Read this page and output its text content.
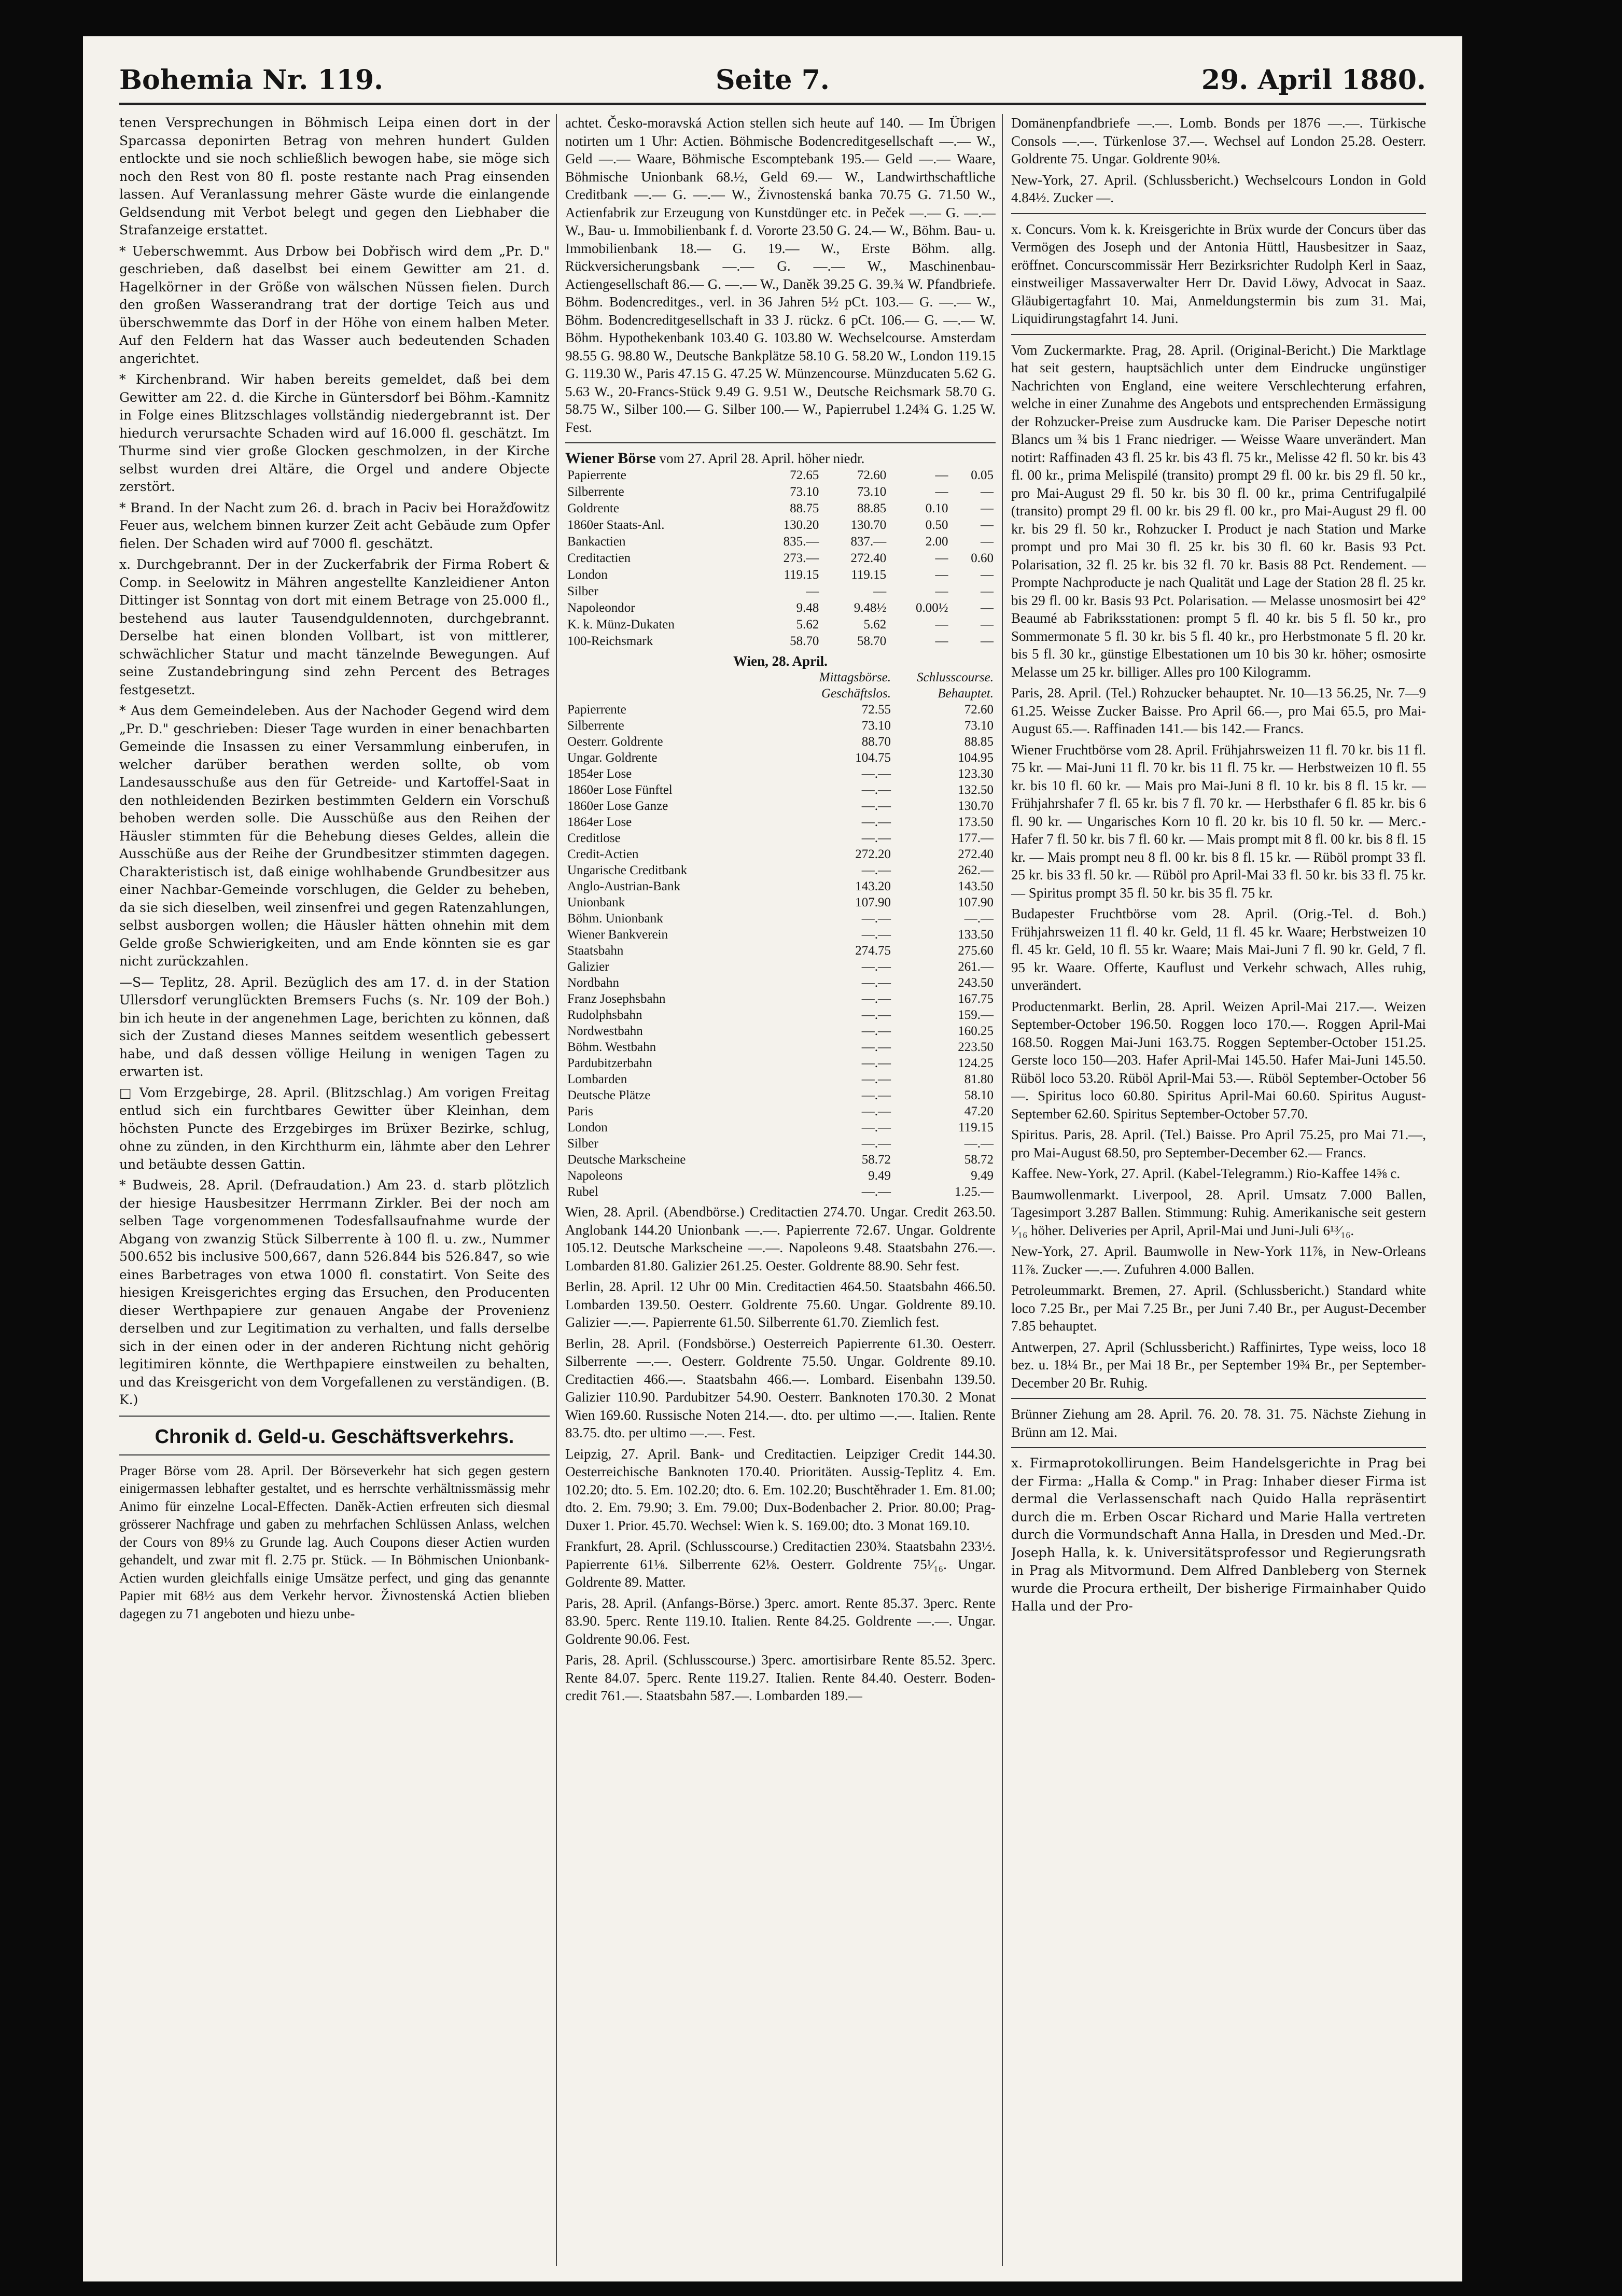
Bohemia Nr. 119.	Seite 7.	29. April 1880.

tenen Versprechungen in Böhmisch Leipa einen dort in der Sparcassa deponirten Betrag von mehren hundert Gulden entlockte und sie noch schließlich bewogen habe, sie möge sich noch den Rest von 80 fl. poste restante nach Prag einsenden lassen. Auf Veranlassung mehrer Gäste wurde die einlangende Geldsendung mit Verbot belegt und gegen den Liebhaber die Strafanzeige erstattet.

* Ueberschwemmt. Aus Drbow bei Dobřisch wird dem „Pr. D." geschrieben, daß daselbst bei einem Gewitter am 21. d. Hagelkörner in der Größe von wälschen Nüssen fielen. Durch den großen Wasserandrang trat der dortige Teich aus und überschwemmte das Dorf in der Höhe von einem halben Meter. Auf den Feldern hat das Wasser auch bedeutenden Schaden angerichtet.

* Kirchenbrand. Wir haben bereits gemeldet, daß bei dem Gewitter am 22. d. die Kirche in Güntersdorf bei Böhm.-Kamnitz in Folge eines Blitzschlages vollständig niedergebrannt ist. Der hiedurch verursachte Schaden wird auf 16.000 fl. geschätzt. Im Thurme sind vier große Glocken geschmolzen, in der Kirche selbst wurden drei Altäre, die Orgel und andere Objecte zerstört.

* Brand. In der Nacht zum 26. d. brach in Paciv bei Horažďowitz Feuer aus, welchem binnen kurzer Zeit acht Gebäude zum Opfer fielen. Der Schaden wird auf 7000 fl. geschätzt.

x. Durchgebrannt. Der in der Zuckerfabrik der Firma Robert & Comp. in Seelowitz in Mähren angestellte Kanzleidiener Anton Dittinger ist Sonntag von dort mit einem Betrage von 25.000 fl., bestehend aus lauter Tausendguldennoten, durchgebrannt. Derselbe hat einen blonden Vollbart, ist von mittlerer, schwächlicher Statur und macht tänzelnde Bewegungen. Auf seine Zustandebringung sind zehn Percent des Betrages festgesetzt.

* Aus dem Gemeindeleben. Aus der Nachoder Gegend wird dem „Pr. D." geschrieben: Dieser Tage wurden in einer benachbarten Gemeinde die Insassen zu einer Versammlung einberufen, in welcher darüber berathen werden sollte, ob vom Landesausschuße aus den für Getreide- und Kartoffel-Saat in den nothleidenden Bezirken bestimmten Geldern ein Vorschuß behoben werden solle. Die Ausschüße aus den Reihen der Häusler stimmten für die Behebung dieses Geldes, allein die Ausschüße aus der Reihe der Grundbesitzer stimmten dagegen. Charakteristisch ist, daß einige wohlhabende Grundbesitzer aus einer Nachbar-Gemeinde vorschlugen, die Gelder zu beheben, da sie sich dieselben, weil zinsenfrei und gegen Ratenzahlungen, selbst ausborgen wollen; die Häusler hätten ohnehin mit dem Gelde große Schwierigkeiten, und am Ende könnten sie es gar nicht zurückzahlen.

—S— Teplitz, 28. April. Bezüglich des am 17. d. in der Station Ullersdorf verunglückten Bremsers Fuchs (s. Nr. 109 der Boh.) bin ich heute in der angenehmen Lage, berichten zu können, daß sich der Zustand dieses Mannes seitdem wesentlich gebessert habe, und daß dessen völlige Heilung in wenigen Tagen zu erwarten ist.

□ Vom Erzgebirge, 28. April. (Blitzschlag.) Am vorigen Freitag entlud sich ein furchtbares Gewitter über Kleinhan, dem höchsten Puncte des Erzgebirges im Brüxer Bezirke, schlug, ohne zu zünden, in den Kirchthurm ein, lähmte aber den Lehrer und betäubte dessen Gattin.

* Budweis, 28. April. (Defraudation.) Am 23. d. starb plötzlich der hiesige Hausbesitzer Herrmann Zirkler. Bei der noch am selben Tage vorgenommenen Todesfallsaufnahme wurde der Abgang von zwanzig Stück Silberrente à 100 fl. u. zw., Nummer 500.652 bis inclusive 500,667, dann 526.844 bis 526.847, so wie eines Barbetrages von etwa 1000 fl. constatirt. Von Seite des hiesigen Kreisgerichtes erging das Ersuchen, den Producenten dieser Werthpapiere zur genauen Angabe der Provenienz derselben und zur Legitimation zu verhalten, und falls derselbe sich in der einen oder in der anderen Richtung nicht gehörig legitimiren könnte, die Werthpapiere einstweilen zu behalten, und das Kreisgericht von dem Vorgefallenen zu verständigen. (B. K.)

Chronik d. Geld-u. Geschäftsverkehrs.

Prager Börse vom 28. April. Der Börseverkehr hat sich gegen gestern einigermassen lebhafter gestaltet, und es herrschte verhältnissmässig mehr Animo für einzelne Local-Effecten. Daněk-Actien erfreuten sich diesmal grösserer Nachfrage und gaben zu mehrfachen Schlüssen Anlass, welchen der Cours von 89⅛ zu Grunde lag. Auch Coupons dieser Actien wurden gehandelt, und zwar mit fl. 2.75 pr. Stück. — In Böhmischen Unionbank-Actien wurden gleichfalls einige Umsätze perfect, und ging das genannte Papier mit 68½ aus dem Verkehr hervor. Živnostenská Actien blieben dagegen zu 71 angeboten und hiezu unbe-

achtet. Česko-moravská Action stellen sich heute auf 140. — Im Übrigen notirten um 1 Uhr: Actien. Böhmische Bodencreditgesellschaft —.— W., Geld —.— Waare, Böhmische Escomptebank 195.— Geld —.— Waare, Böhmische Unionbank 68.½, Geld 69.— W., Landwirthschaftliche Creditbank —.— G. —.— W., Živnostenská banka 70.75 G. 71.50 W., Actienfabrik zur Erzeugung von Kunstdünger etc. in Peček —.— G. —.— W., Bau- u. Immobilienbank f. d. Vororte 23.50 G. 24.— W., Böhm. Bau- u. Immobilienbank 18.— G. 19.— W., Erste Böhm. allg. Rückversicherungsbank —.— G. —.— W., Maschinenbau-Actiengesellschaft 86.— G. —.— W., Daněk 39.25 G. 39.¾ W. Pfandbriefe. Böhm. Bodencreditges., verl. in 36 Jahren 5½ pCt. 103.— G. —.— W., Böhm. Bodencreditgesellschaft in 33 J. rückz. 6 pCt. 106.— G. —.— W. Böhm. Hypothekenbank 103.40 G. 103.80 W. Wechselcourse. Amsterdam 98.55 G. 98.80 W., Deutsche Bankplätze 58.10 G. 58.20 W., London 119.15 G. 119.30 W., Paris 47.15 G. 47.25 W. Münzencourse. Münzducaten 5.62 G. 5.63 W., 20-Francs-Stück 9.49 G. 9.51 W., Deutsche Reichsmark 58.70 G. 58.75 W., Silber 100.— G. Silber 100.— W., Papierrubel 1.24¾ G. 1.25 W. Fest.

Wiener Börse vom 27. April 28. April. höher niedr.
Papierrente	72.65	72.60	—	0.05
Silberrente	73.10	73.10	—	—
Goldrente	88.75	88.85	0.10	—
1860er Staats-Anl.	130.20	130.70	0.50	—
Bankactien	835.—	837.—	2.00	—
Creditactien	273.—	272.40	—	0.60
London	119.15	119.15	—	—
Silber	—	—	—	—
Napoleondor	9.48	9.48½	0.00½	—
K. k. Münz-Dukaten	5.62	5.62	—	—
100-Reichsmark	58.70	58.70	—	—
Wien, 28. April.
	Mittagsbörse. Geschäftslos.	Schlusscourse. Behauptet.
Papierrente	72.55	72.60
Silberrente	73.10	73.10
Oesterr. Goldrente	88.70	88.85
Ungar. Goldrente	104.75	104.95
1854er Lose	—.—	123.30
1860er Lose Fünftel	—.—	132.50
1860er Lose Ganze	—.—	130.70
1864er Lose	—.—	173.50
Creditlose	—.—	177.—
Credit-Actien	272.20	272.40
Ungarische Creditbank	—.—	262.—
Anglo-Austrian-Bank	143.20	143.50
Unionbank	107.90	107.90
Böhm. Unionbank	—.—	—.—
Wiener Bankverein	—.—	133.50
Staatsbahn	274.75	275.60
Galizier	—.—	261.—
Nordbahn	—.—	243.50
Franz Josephsbahn	—.—	167.75
Rudolphsbahn	—.—	159.—
Nordwestbahn	—.—	160.25
Böhm. Westbahn	—.—	223.50
Pardubitzerbahn	—.—	124.25
Lombarden	—.—	81.80
Deutsche Plätze	—.—	58.10
Paris	—.—	47.20
London	—.—	119.15
Silber	—.—	—.—
Deutsche Markscheine	58.72	58.72
Napoleons	9.49	9.49
Rubel	—.—	1.25.—

Wien, 28. April. (Abendbörse.) Creditactien 274.70. Ungar. Credit 263.50. Anglobank 144.20 Unionbank —.—. Papierrente 72.67. Ungar. Goldrente 105.12. Deutsche Markscheine —.—. Napoleons 9.48. Staatsbahn 276.—. Lombarden 81.80. Galizier 261.25. Oester. Goldrente 88.90. Sehr fest.

Berlin, 28. April. 12 Uhr 00 Min. Creditactien 464.50. Staatsbahn 466.50. Lombarden 139.50. Oesterr. Goldrente 75.60. Ungar. Goldrente 89.10. Galizier —.—. Papierrente 61.50. Silberrente 61.70. Ziemlich fest.

Berlin, 28. April. (Fondsbörse.) Oesterreich Papierrente 61.30. Oesterr. Silberrente —.—. Oesterr. Goldrente 75.50. Ungar. Goldrente 89.10. Creditactien 466.—. Staatsbahn 466.—. Lombard. Eisenbahn 139.50. Galizier 110.90. Pardubitzer 54.90. Oesterr. Banknoten 170.30. 2 Monat Wien 169.60. Russische Noten 214.—. dto. per ultimo —.—. Italien. Rente 83.75. dto. per ultimo —.—. Fest.

Leipzig, 27. April. Bank- und Creditactien. Leipziger Credit 144.30. Oesterreichische Banknoten 170.40. Prioritäten. Aussig-Teplitz 4. Em. 102.20; dto. 5. Em. 102.20; dto. 6. Em. 102.20; Buschtěhrader 1. Em. 81.00; dto. 2. Em. 79.90; 3. Em. 79.00; Dux-Bodenbacher 2. Prior. 80.00; Prag-Duxer 1. Prior. 45.70. Wechsel: Wien k. S. 169.00; dto. 3 Monat 169.10.

Frankfurt, 28. April. (Schlusscourse.) Creditactien 230¾. Staatsbahn 233½. Papierrente 61⅛. Silberrente 62⅛. Oesterr. Goldrente 75¹⁄₁₆. Ungar. Goldrente 89. Matter.

Paris, 28. April. (Anfangs-Börse.) 3perc. amort. Rente 85.37. 3perc. Rente 83.90. 5perc. Rente 119.10. Italien. Rente 84.25. Goldrente —.—. Ungar. Goldrente 90.06. Fest.

Paris, 28. April. (Schlusscourse.) 3perc. amortisirbare Rente 85.52. 3perc. Rente 84.07. 5perc. Rente 119.27. Italien. Rente 84.40. Oesterr. Boden-credit 761.—. Staatsbahn 587.—. Lombarden 189.—

Domänenpfandbriefe —.—. Lomb. Bonds per 1876 —.—. Türkische Consols —.—. Türkenlose 37.—. Wechsel auf London 25.28. Oesterr. Goldrente 75. Ungar. Goldrente 90⅛.

New-York, 27. April. (Schlussbericht.) Wechselcours London in Gold 4.84½. Zucker —.

x. Concurs. Vom k. k. Kreisgerichte in Brüx wurde der Concurs über das Vermögen des Joseph und der Antonia Hüttl, Hausbesitzer in Saaz, eröffnet. Concurscommissär Herr Bezirksrichter Rudolph Kerl in Saaz, einstweiliger Massaverwalter Herr Dr. David Löwy, Advocat in Saaz. Gläubigertagfahrt 10. Mai, Anmeldungstermin bis zum 31. Mai, Liquidirungstagfahrt 14. Juni.

Vom Zuckermarkte. Prag, 28. April. (Original-Bericht.) Die Marktlage hat seit gestern, hauptsächlich unter dem Eindrucke ungünstiger Nachrichten von England, eine weitere Verschlechterung erfahren, welche in einer Zunahme des Angebots und entsprechenden Ermässigung der Rohzucker-Preise zum Ausdrucke kam. Die Pariser Depesche notirt Blancs um ¾ bis 1 Franc niedriger. — Weisse Waare unverändert. Man notirt: Raffinaden 43 fl. 25 kr. bis 43 fl. 75 kr., Melisse 42 fl. 50 kr. bis 43 fl. 00 kr., prima Melispilé (transito) prompt 29 fl. 00 kr. bis 29 fl. 50 kr., pro Mai-August 29 fl. 50 kr. bis 30 fl. 00 kr., prima Centrifugalpilé (transito) prompt 29 fl. 00 kr. bis 29 fl. 00 kr., pro Mai-August 29 fl. 00 kr. bis 29 fl. 50 kr., Rohzucker I. Product je nach Station und Marke prompt und pro Mai 30 fl. 25 kr. bis 30 fl. 60 kr. Basis 93 Pct. Polarisation, 32 fl. 25 kr. bis 32 fl. 70 kr. Basis 88 Pct. Rendement. — Prompte Nachproducte je nach Qualität und Lage der Station 28 fl. 25 kr. bis 29 fl. 00 kr. Basis 93 Pct. Polarisation. — Melasse unosmosirt bei 42° Beaumé ab Fabriksstationen: prompt 5 fl. 40 kr. bis 5 fl. 50 kr., pro Sommermonate 5 fl. 30 kr. bis 5 fl. 40 kr., pro Herbstmonate 5 fl. 20 kr. bis 5 fl. 30 kr., günstige Elbestationen um 10 bis 30 kr. höher; osmosirte Melasse um 25 kr. billiger. Alles pro 100 Kilogramm.

Paris, 28. April. (Tel.) Rohzucker behauptet. Nr. 10—13 56.25, Nr. 7—9 61.25. Weisse Zucker Baisse. Pro April 66.—, pro Mai 65.5, pro Mai-August 65.—. Raffinaden 141.— bis 142.— Francs.

Wiener Fruchtbörse vom 28. April. Frühjahrsweizen 11 fl. 70 kr. bis 11 fl. 75 kr. — Mai-Juni 11 fl. 70 kr. bis 11 fl. 75 kr. — Herbstweizen 10 fl. 55 kr. bis 10 fl. 60 kr. — Mais pro Mai-Juni 8 fl. 10 kr. bis 8 fl. 15 kr. — Frühjahrshafer 7 fl. 65 kr. bis 7 fl. 70 kr. — Herbsthafer 6 fl. 85 kr. bis 6 fl. 90 kr. — Ungarisches Korn 10 fl. 20 kr. bis 10 fl. 50 kr. — Merc.-Hafer 7 fl. 50 kr. bis 7 fl. 60 kr. — Mais prompt mit 8 fl. 00 kr. bis 8 fl. 15 kr. — Mais prompt neu 8 fl. 00 kr. bis 8 fl. 15 kr. — Rüböl prompt 33 fl. 25 kr. bis 33 fl. 50 kr. — Rüböl pro April-Mai 33 fl. 50 kr. bis 33 fl. 75 kr. — Spiritus prompt 35 fl. 50 kr. bis 35 fl. 75 kr.

Budapester Fruchtbörse vom 28. April. (Orig.-Tel. d. Boh.) Frühjahrsweizen 11 fl. 40 kr. Geld, 11 fl. 45 kr. Waare; Herbstweizen 10 fl. 45 kr. Geld, 10 fl. 55 kr. Waare; Mais Mai-Juni 7 fl. 90 kr. Geld, 7 fl. 95 kr. Waare. Offerte, Kauflust und Verkehr schwach, Alles ruhig, unverändert.

Productenmarkt. Berlin, 28. April. Weizen April-Mai 217.—. Weizen September-October 196.50. Roggen loco 170.—. Roggen April-Mai 168.50. Roggen Mai-Juni 163.75. Roggen September-October 151.25. Gerste loco 150—203. Hafer April-Mai 145.50. Hafer Mai-Juni 145.50. Rüböl loco 53.20. Rüböl April-Mai 53.—. Rüböl September-October 56 —. Spiritus loco 60.80. Spiritus April-Mai 60.60. Spiritus August-September 62.60. Spiritus September-October 57.70.

Spiritus. Paris, 28. April. (Tel.) Baisse. Pro April 75.25, pro Mai 71.—, pro Mai-August 68.50, pro September-December 62.— Francs.

Kaffee. New-York, 27. April. (Kabel-Telegramm.) Rio-Kaffee 14⅝ c.

Baumwollenmarkt. Liverpool, 28. April. Umsatz 7.000 Ballen, Tagesimport 3.287 Ballen. Stimmung: Ruhig. Amerikanische seit gestern ¹⁄₁₆ höher. Deliveries per April, April-Mai und Juni-Juli 6¹³⁄₁₆.

New-York, 27. April. Baumwolle in New-York 11⅞, in New-Orleans 11⅞. Zucker —.—. Zufuhren 4.000 Ballen.

Petroleummarkt. Bremen, 27. April. (Schlussbericht.) Standard white loco 7.25 Br., per Mai 7.25 Br., per Juni 7.40 Br., per August-December 7.85 behauptet.

Antwerpen, 27. April (Schlussbericht.) Raffinirtes, Type weiss, loco 18 bez. u. 18¼ Br., per Mai 18 Br., per September 19¾ Br., per September-December 20 Br. Ruhig.

Brünner Ziehung am 28. April. 76. 20. 78. 31. 75. Nächste Ziehung in Brünn am 12. Mai.

x. Firmaprotokollirungen. Beim Handelsgerichte in Prag bei der Firma: „Halla & Comp." in Prag: Inhaber dieser Firma ist dermal die Verlassenschaft nach Quido Halla repräsentirt durch die m. Erben Oscar Richard und Marie Halla vertreten durch die Vormundschaft Anna Halla, in Dresden und Med.-Dr. Joseph Halla, k. k. Universitätsprofessor und Regierungsrath in Prag als Mitvormund. Dem Alfred Danbleberg von Sternek wurde die Procura ertheilt, Der bisherige Firmainhaber Quido Halla und der Pro-
